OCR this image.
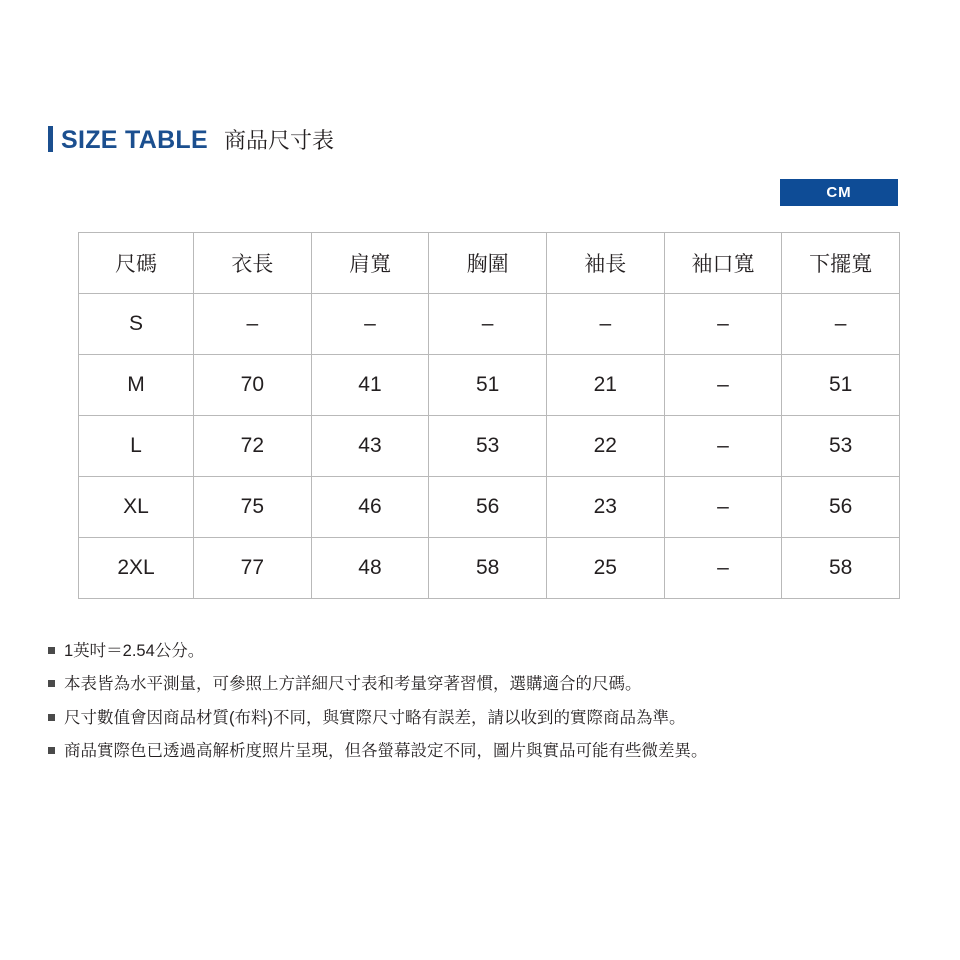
SIZE TABLE 商品尺寸表
CM
尺碼	衣長	肩寬	胸圍	袖長	袖口寬	下擺寬
S	–	–	–	–	–	–
M	70	41	51	21	–	51
L	72	43	53	22	–	53
XL	75	46	56	23	–	56
2XL	77	48	58	25	–	58
1英吋＝2.54公分。
本表皆為水平測量，可參照上方詳細尺寸表和考量穿著習慣，選購適合的尺碼。
尺寸數值會因商品材質(布料)不同，與實際尺寸略有誤差，請以收到的實際商品為準。
商品實際色已透過高解析度照片呈現，但各螢幕設定不同，圖片與實品可能有些微差異。
